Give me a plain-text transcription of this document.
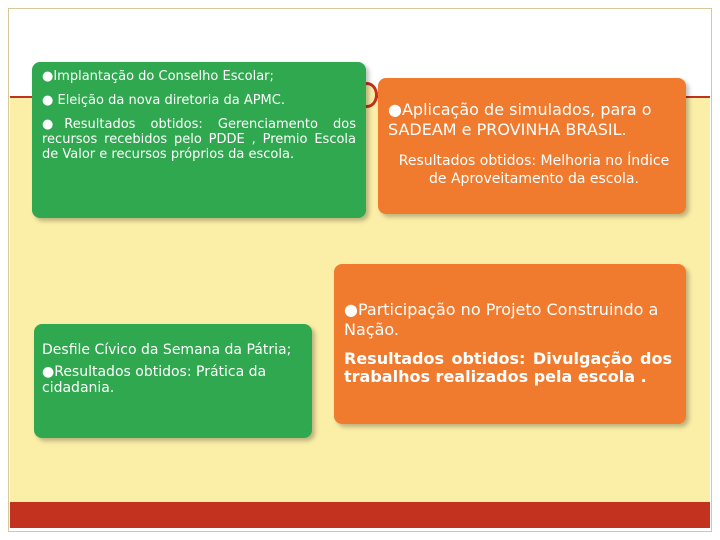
●Implantação do Conselho Escolar;

● Eleição da nova diretoria da APMC.

●Resultados obtidos: Gerenciamento dos recursos recebidos pelo PDDE , Premio Escola de Valor e recursos próprios da escola.

●Aplicação de simulados, para o SADEAM e PROVINHA BRASIL.

Resultados obtidos: Melhoria no Índice de Aproveitamento da escola.

Desfile Cívico da Semana da Pátria;

●Resultados obtidos: Prática da cidadania.

●Participação no Projeto Construindo a Nação.

Resultados obtidos: Divulgação dos trabalhos realizados pela escola .
